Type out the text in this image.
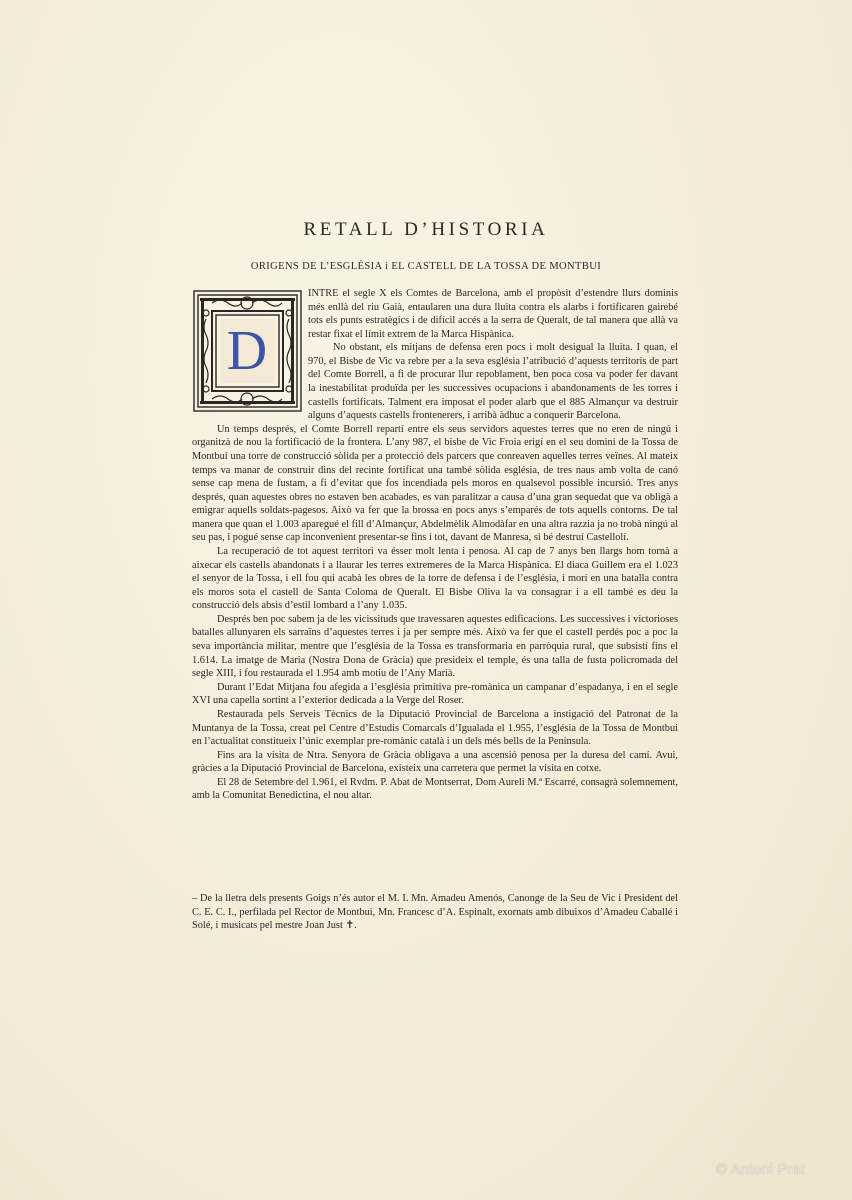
RETALL D’HISTORIA
ORIGENS DE L’ESGLÉSIA i EL CASTELL DE LA TOSSA DE MONTBUI
D

INTRE el segle X els Comtes de Barcelona, amb el propòsit d’estendre llurs dominis més enllà del riu Gaià, entaularen una dura lluita contra els alarbs i fortificaren gairebé tots els punts estratègics i de difícil accés a la serra de Queralt, de tal manera que allà va restar fixat el límit extrem de la Marca Hispànica.

No obstant, els mitjans de defensa eren pocs i molt desigual la lluita. I quan, el 970, el Bisbe de Vic va rebre per a la seva església l’atribució d’aquests territoris de part del Comte Borrell, a fi de procurar llur repoblament, ben poca cosa va poder fer davant la inestabilitat produïda per les successives ocupacions i abandonaments de les torres i castells fortificats. Talment era imposat el poder alarb que el 885 Almançur va destruir alguns d’aquests castells frontenerers, i arribà àdhuc a conquerir Barcelona.

Un temps després, el Comte Borrell repartí entre els seus servidors aquestes terres que no eren de ningú i organitzà de nou la fortificació de la frontera. L’any 987, el bisbe de Vic Froia erigí en el seu domini de la Tossa de Montbui una torre de construcció sòlida per a protecció dels parcers que conreaven aquelles terres veïnes. Al mateix temps va manar de construir dins del recinte fortificat una també sòlida església, de tres naus amb volta de canó sense cap mena de fustam, a fi d’evitar que fos incendiada pels moros en qualsevol possible incursió. Tres anys després, quan aquestes obres no estaven ben acabades, es van paralitzar a causa d’una gran sequedat que va obligà a emigrar aquells soldats-pagesos. Això va fer que la brossa en pocs anys s’emparés de tots aquells contorns. De tal manera que quan el 1.003 aparegué el fill d’Almançur, Abdelmèlik Almodàfar en una altra razzia ja no trobà ningú al seu pas, i pogué sense cap inconvenient presentar-se fins i tot, davant de Manresa, si bé destruí Castellolí.

La recuperació de tot aquest territori va ésser molt lenta i penosa. Al cap de 7 anys ben llargs hom tornà a aixecar els castells abandonats i a llaurar les terres extremeres de la Marca Hispànica. El diaca Guillem era el 1.023 el senyor de la Tossa, i ell fou qui acabà les obres de la torre de defensa i de l’església, i morí en una batalla contra els moros sota el castell de Santa Coloma de Queralt. El Bisbe Oliva la va consagrar i a ell també es deu la construcció dels absis d’estil lombard a l’any 1.035.

Després ben poc sabem ja de les vicissituds que travessaren aquestes edificacions. Les successives i victorioses batalles allunyaren els sarraïns d’aquestes terres i ja per sempre més. Això va fer que el castell perdés poc a poc la seva importància militar, mentre que l’església de la Tossa es transformaria en parròquia rural, que subsistí fins el 1.614. La imatge de Maria (Nostra Dona de Gràcia) que presideix el temple, és una talla de fusta policromada del segle XIII, i fou restaurada el 1.954 amb motiu de l’Any Marià.

Durant l’Edat Mitjana fou afegida a l’església primitiva pre-romànica un campanar d’espadanya, i en el segle XVI una capella sortint a l’exterior dedicada a la Verge del Roser.

Restaurada pels Serveis Tècnics de la Diputació Provincial de Barcelona a instigació del Patronat de la Muntanya de la Tossa, creat pel Centre d’Estudis Comarcals d’Igualada el 1.955, l’església de la Tossa de Montbui en l’actualitat constitueix l’únic exemplar pre-romànic català i un dels més bells de la Península.

Fins ara la visita de Ntra. Senyora de Gràcia obligava a una ascensió penosa per la duresa del camí. Avui, gràcies a la Diputació Provincial de Barcelona, existeix una carretera que permet la visita en cotxe.

El 28 de Setembre del 1.961, el Rvdm. P. Abat de Montserrat, Dom Aureli M.ª Escarré, consagrà solemnement, amb la Comunitat Benedictina, el nou altar.

– De la lletra dels presents Goigs n’és autor el M. I. Mn. Amadeu Amenós, Canonge de la Seu de Vic i President del C. E. C. I., perfilada pel Rector de Montbui, Mn. Francesc d’A. Espinalt, exornats amb dibuixos d’Amadeu Caballé i Solé, i musicats pel mestre Joan Just ✝.
© Antoni Prat
